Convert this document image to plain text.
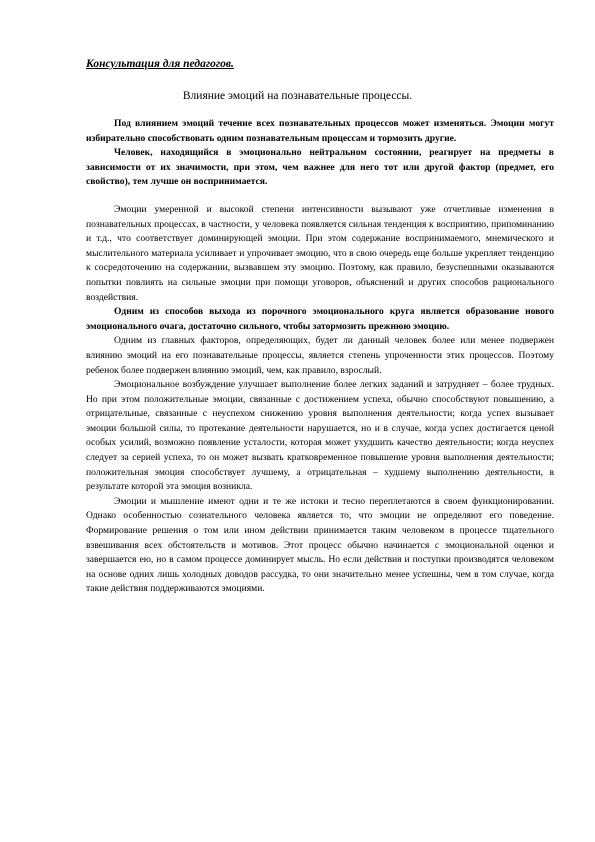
Консультация для педагогов.

Влияние эмоций на познавательные процессы.

Под влиянием эмоций течение всех познавательных процессов может изменяться. Эмоции могут избирательно способствовать одним познавательным процессам и тормозить другие.

Человек, находящийся в эмоционально нейтральном состоянии, реагирует на предметы в зависимости от их значимости, при этом, чем важнее для него тот или другой фактор (предмет, его свойство), тем лучше он воспринимается.

Эмоции умеренной и высокой степени интенсивности вызывают уже отчетливые изменения в познавательных процессах, в частности, у человека появляется сильная тенденция к восприятию, припоминанию и т.д., что соответствует доминирующей эмоции. При этом содержание воспринимаемого, мнемического и мыслительного материала усиливает и упрочивает эмоцию, что в свою очередь еще больше укрепляет тенденцию к сосредоточению на содержании, вызвавшем эту эмоцию. Поэтому, как правило, безуспешными оказываются попытки повлиять на сильные эмоции при помощи уговоров, объяснений и других способов рационального воздействия.

Одним из способов выхода из порочного эмоционального круга является образование нового эмоционального очага, достаточно сильного, чтобы затормозить прежнюю эмоцию.

Одним из главных факторов, определяющих, будет ли данный человек более или менее подвержен влиянию эмоций на его познавательные процессы, является степень упроченности этих процессов. Поэтому ребенок более подвержен влиянию эмоций, чем, как правило, взрослый.

Эмоциональное возбуждение улучшает выполнение более легких заданий и затрудняет – более трудных. Но при этом положительные эмоции, связанные с достижением успеха, обычно способствуют повышению, а отрицательные, связанные с неуспехом снижению уровня выполнения деятельности; когда успех вызывает эмоции большой силы, то протекание деятельности нарушается, но и в случае, когда успех достигается ценой особых усилий, возможно появление усталости, которая может ухудшить качество деятельности; когда неуспех следует за серией успеха, то он может вызвать кратковременное повышение уровня выполнения деятельности; положительная эмоция способствует лучшему, а отрицательная – худшему выполнению деятельности, в результате которой эта эмоция возникла.

Эмоции и мышление имеют одни и те же истоки и тесно переплетаются в своем функционировании. Однако особенностью сознательного человека является то, что эмоции не определяют его поведение. Формирование решения о том или ином действии принимается таким человеком в процессе тщательного взвешивания всех обстоятельств и мотивов. Этот процесс обычно начинается с эмоциональной оценки и завершается ею, но в самом процессе доминирует мысль. Но если действия и поступки производятся человеком на основе одних лишь холодных доводов рассудка, то они значительно менее успешны, чем в том случае, когда такие действия поддерживаются эмоциями.
